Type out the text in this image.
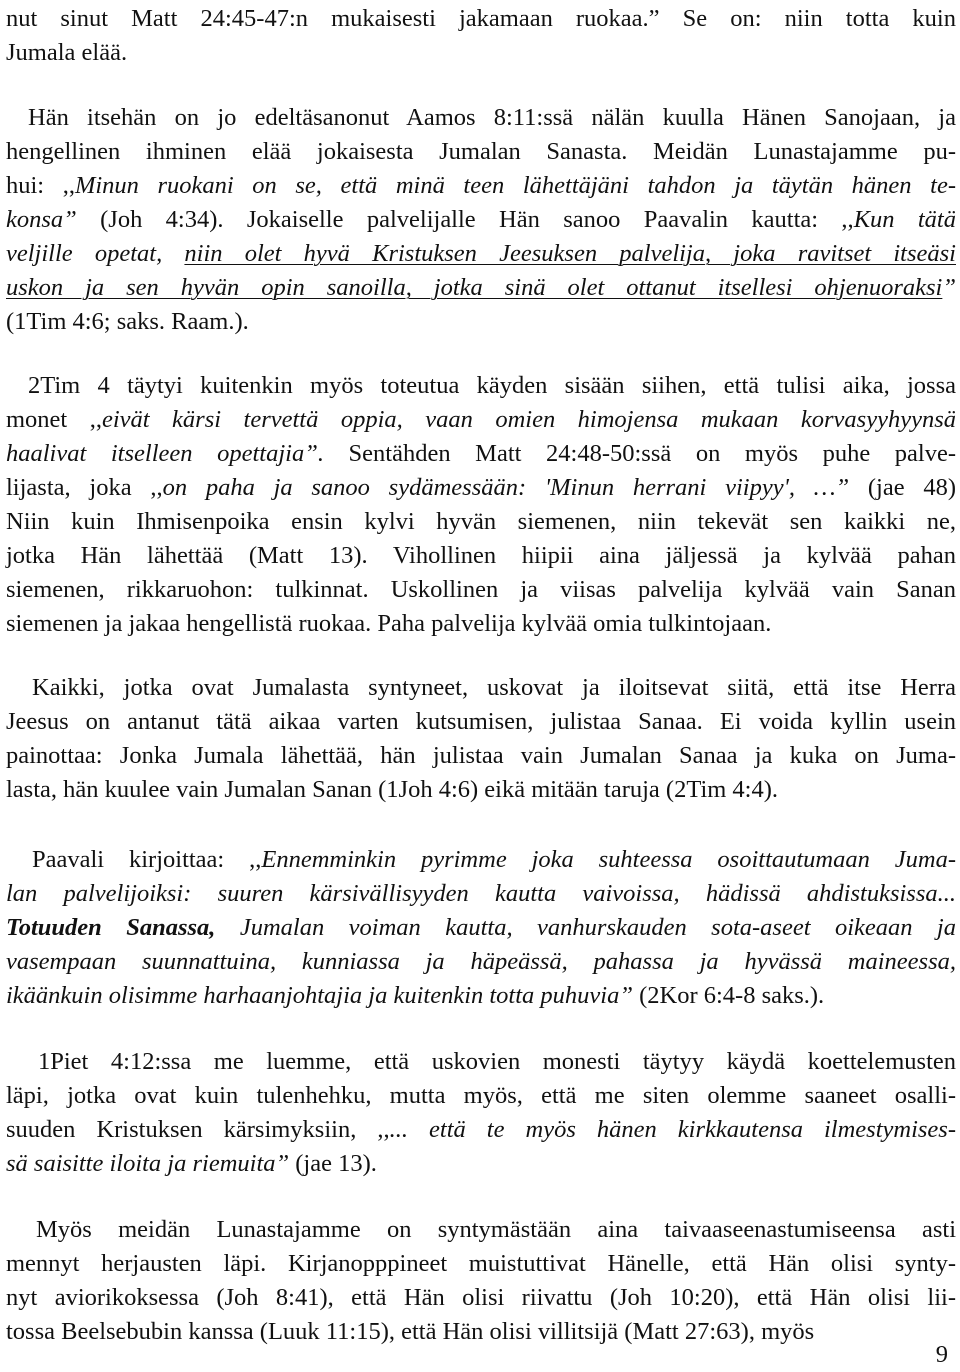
nut sinut Matt 24:45-47:n mukaisesti jakamaan ruokaa.” Se on: niin totta kuin
Jumala elää.
Hän itsehän on jo edeltäsanonut Aamos 8:11:ssä nälän kuulla Hänen Sanojaan, ja
hengellinen ihminen elää jokaisesta Jumalan Sanasta. Meidän Lunastajamme pu-
hui: ,,Minun ruokani on se, että minä teen lähettäjäni tahdon ja täytän hänen te-
konsa” (Joh 4:34). Jokaiselle palvelijalle Hän sanoo Paavalin kautta: ,,Kun tätä
veljille opetat, niin olet hyvä Kristuksen Jeesuksen palvelija, joka ravitset itseäsi
uskon ja sen hyvän opin sanoilla, jotka sinä olet ottanut itsellesi ohjenuoraksi”
(1Tim 4:6; saks. Raam.).
2Tim 4 täytyi kuitenkin myös toteutua käyden sisään siihen, että tulisi aika, jossa
monet ,,eivät kärsi tervettä oppia, vaan omien himojensa mukaan korvasyyhyynsä
haalivat itselleen opettajia”. Sentähden Matt 24:48-50:ssä on myös puhe palve-
lijasta, joka ,,on paha ja sanoo sydämessään: 'Minun herrani viipyy', …” (jae 48)
Niin kuin Ihmisenpoika ensin kylvi hyvän siemenen, niin tekevät sen kaikki ne,
jotka Hän lähettää (Matt 13). Vihollinen hiipii aina jäljessä ja kylvää pahan
siemenen, rikkaruohon: tulkinnat. Uskollinen ja viisas palvelija kylvää vain Sanan
siemenen ja jakaa hengellistä ruokaa. Paha palvelija kylvää omia tulkintojaan.
Kaikki, jotka ovat Jumalasta syntyneet, uskovat ja iloitsevat siitä, että itse Herra
Jeesus on antanut tätä aikaa varten kutsumisen, julistaa Sanaa. Ei voida kyllin usein
painottaa: Jonka Jumala lähettää, hän julistaa vain Jumalan Sanaa ja kuka on Juma-
lasta, hän kuulee vain Jumalan Sanan (1Joh 4:6) eikä mitään taruja (2Tim 4:4).
Paavali kirjoittaa: ,,Ennemminkin pyrimme joka suhteessa osoittautumaan Juma-
lan palvelijoiksi: suuren kärsivällisyyden kautta vaivoissa, hädissä ahdistuksissa...
Totuuden Sanassa, Jumalan voiman kautta, vanhurskauden sota-aseet oikeaan ja
vasempaan suunnattuina, kunniassa ja häpeässä, pahassa ja hyvässä maineessa,
ikäänkuin olisimme harhaanjohtajia ja kuitenkin totta puhuvia” (2Kor 6:4-8 saks.).
1Piet 4:12:ssa me luemme, että uskovien monesti täytyy käydä koettelemusten
läpi, jotka ovat kuin tulenhehku, mutta myös, että me siten olemme saaneet osalli-
suuden Kristuksen kärsimyksiin, ,,... että te myös hänen kirkkautensa ilmestymises-
sä saisitte iloita ja riemuita” (jae 13).
Myös meidän Lunastajamme on syntymästään aina taivaaseenastumiseensa asti
mennyt herjausten läpi. Kirjanopppineet muistuttivat Hänelle, että Hän olisi synty-
nyt aviorikoksessa (Joh 8:41), että Hän olisi riivattu (Joh 10:20), että Hän olisi lii-
tossa Beelsebubin kanssa (Luuk 11:15), että Hän olisi villitsijä (Matt 27:63), myös
9
